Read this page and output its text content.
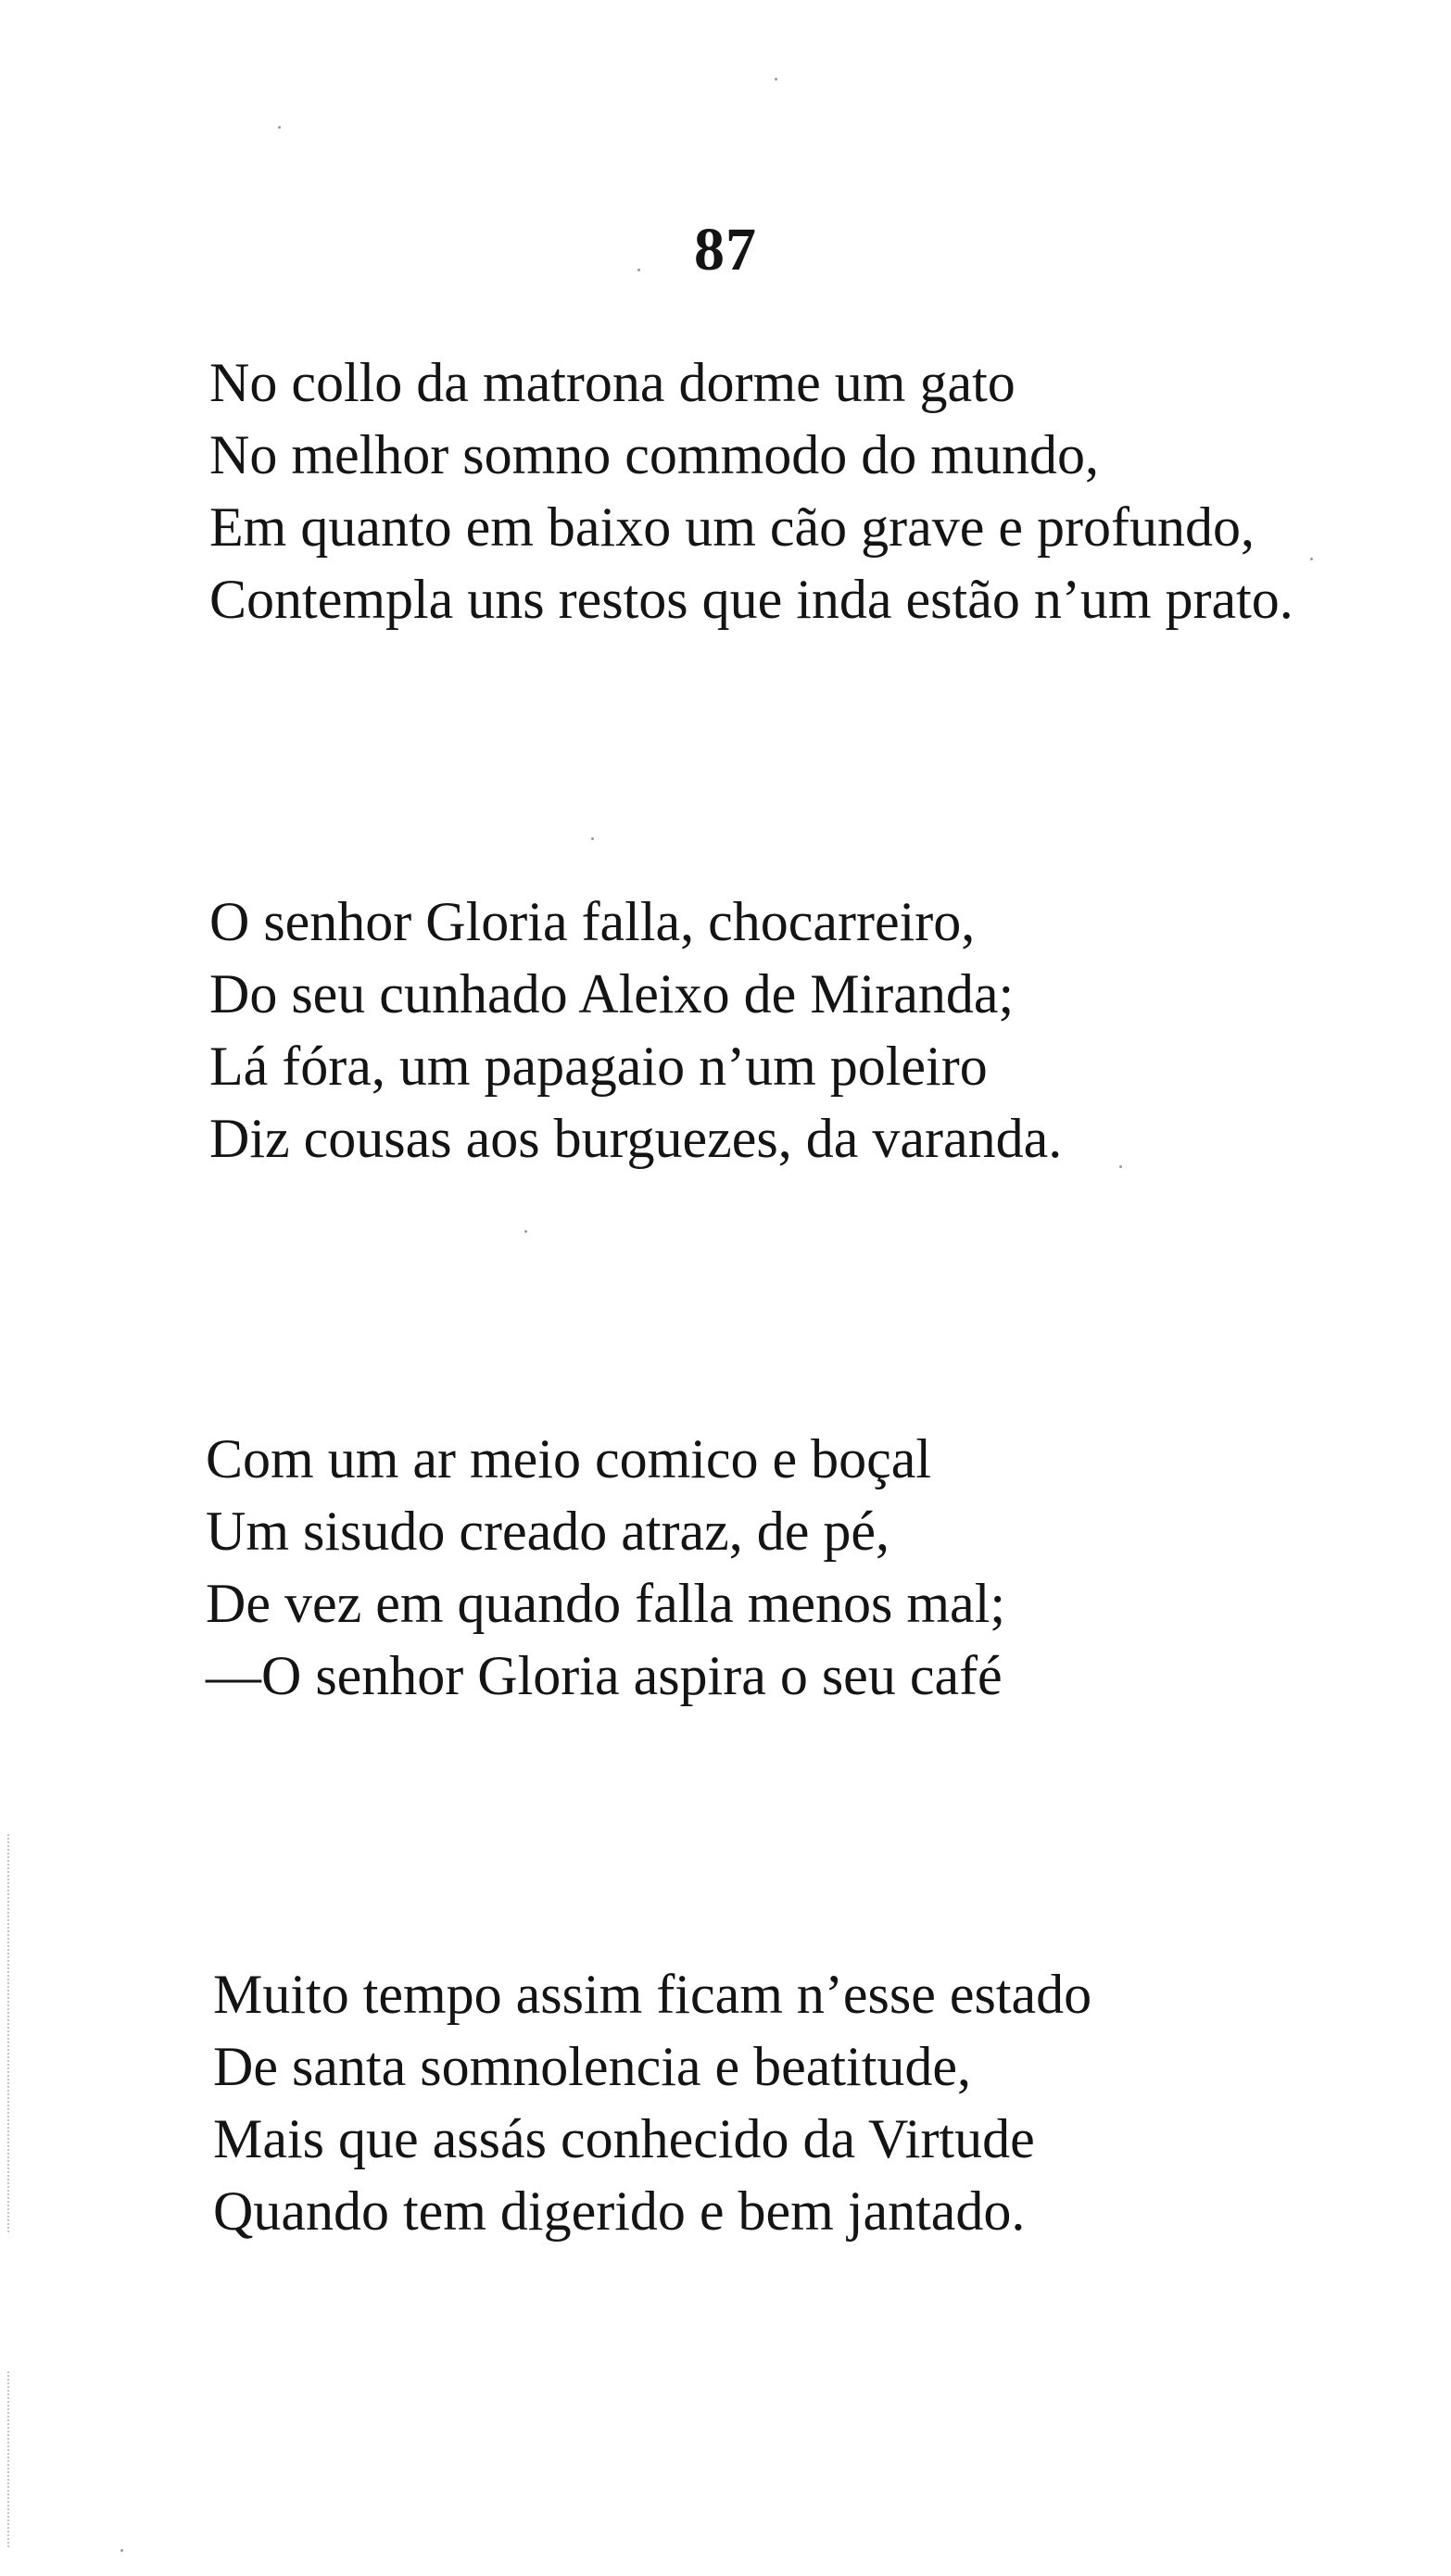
87
No collo da matrona dorme um gato
No melhor somno commodo do mundo,
Em quanto em baixo um cão grave e profundo,
Contempla uns restos que inda estão n’um prato.
O senhor Gloria falla, chocarreiro,
Do seu cunhado Aleixo de Miranda;
Lá fóra, um papagaio n’um poleiro
Diz cousas aos burguezes, da varanda.
Com um ar meio comico e boçal
Um sisudo creado atraz, de pé,
De vez em quando falla menos mal;
—O senhor Gloria aspira o seu café
Muito tempo assim ficam n’esse estado
De santa somnolencia e beatitude,
Mais que assás conhecido da Virtude
Quando tem digerido e bem jantado.
